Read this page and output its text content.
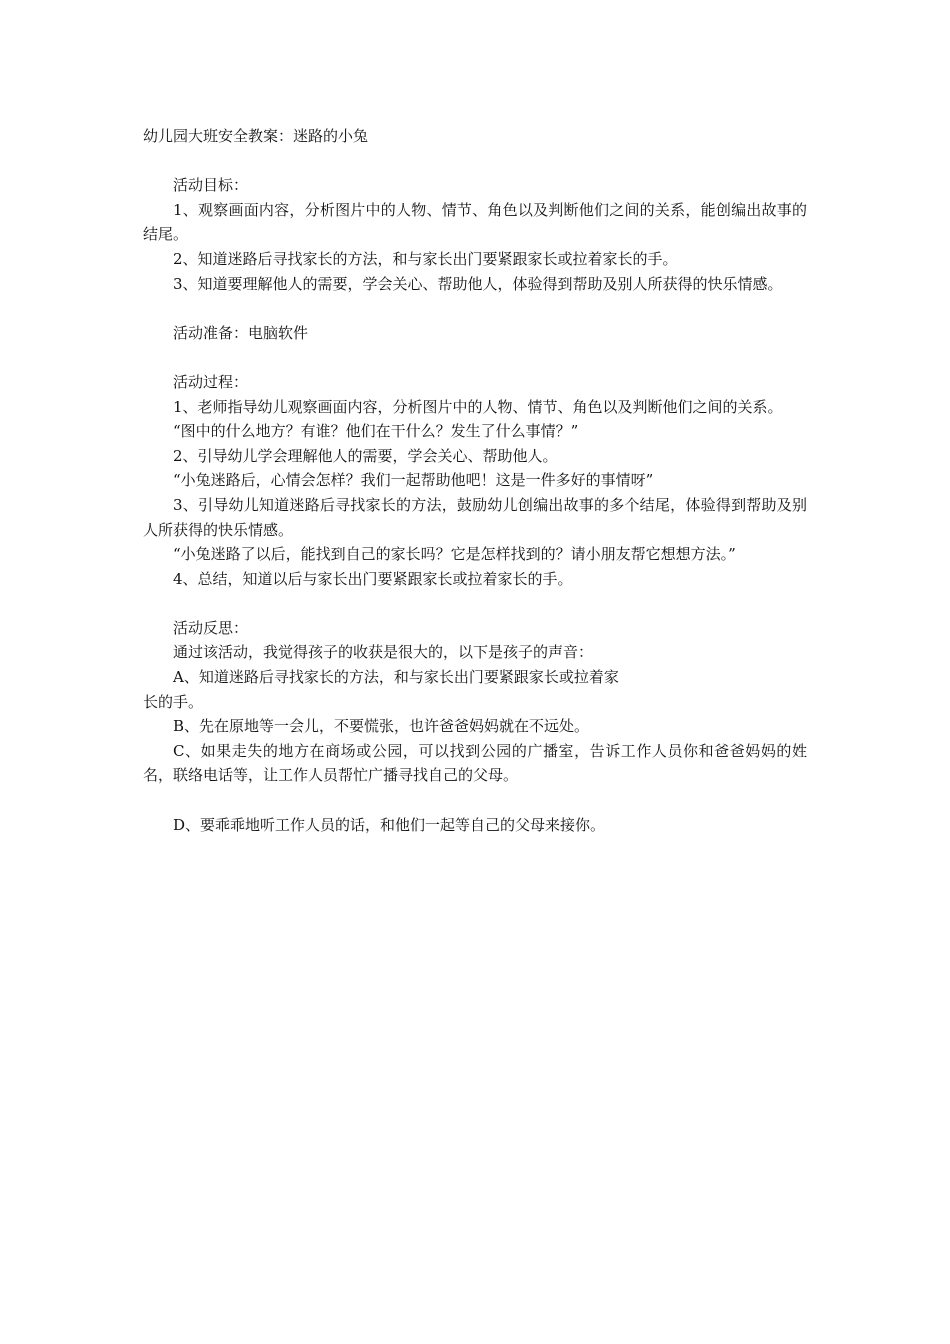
幼儿园大班安全教案：迷路的小兔

活动目标：

1、观察画面内容，分析图片中的人物、情节、角色以及判断他们之间的关系，能创编出故事的结尾。

2、知道迷路后寻找家长的方法，和与家长出门要紧跟家长或拉着家长的手。

3、知道要理解他人的需要，学会关心、帮助他人，体验得到帮助及别人所获得的快乐情感。

活动准备：电脑软件

活动过程：

1、老师指导幼儿观察画面内容，分析图片中的人物、情节、角色以及判断他们之间的关系。

“图中的什么地方？有谁？他们在干什么？发生了什么事情？”

2、引导幼儿学会理解他人的需要，学会关心、帮助他人。

“小兔迷路后，心情会怎样？我们一起帮助他吧！这是一件多好的事情呀”

3、引导幼儿知道迷路后寻找家长的方法，鼓励幼儿创编出故事的多个结尾，体验得到帮助及别人所获得的快乐情感。

“小兔迷路了以后，能找到自己的家长吗？它是怎样找到的？请小朋友帮它想想方法。”

4、总结，知道以后与家长出门要紧跟家长或拉着家长的手。

活动反思：

通过该活动，我觉得孩子的收获是很大的，以下是孩子的声音：

A、知道迷路后寻找家长的方法，和与家长出门要紧跟家长或拉着家

长的手。

B、先在原地等一会儿，不要慌张，也许爸爸妈妈就在不远处。

C、如果走失的地方在商场或公园，可以找到公园的广播室，告诉工作人员你和爸爸妈妈的姓名，联络电话等，让工作人员帮忙广播寻找自己的父母。

D、要乖乖地听工作人员的话，和他们一起等自己的父母来接你。
